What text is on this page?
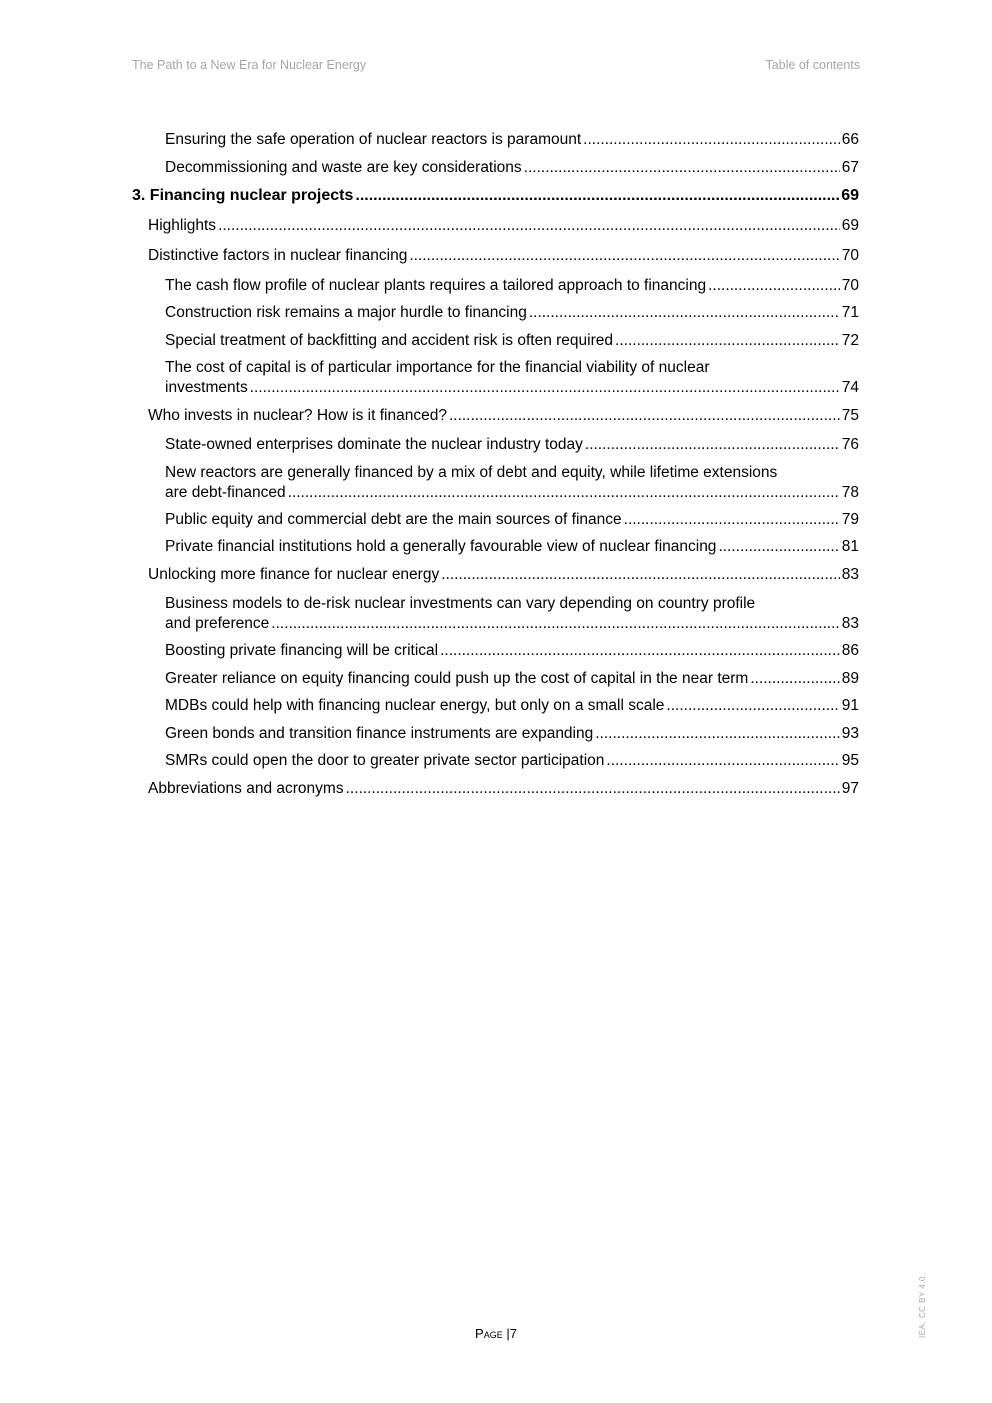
The Path to a New Era for Nuclear Energy	Table of contents
Ensuring the safe operation of nuclear reactors is paramount .....	66
Decommissioning and waste are key considerations .....	67
3. Financing nuclear projects .....	69
Highlights .....	69
Distinctive factors in nuclear financing .....	70
The cash flow profile of nuclear plants requires a tailored approach to financing .....	70
Construction risk remains a major hurdle to financing .....	71
Special treatment of backfitting and accident risk is often required .....	72
The cost of capital is of particular importance for the financial viability of nuclear
investments .....	74
Who invests in nuclear? How is it financed? .....	75
State-owned enterprises dominate the nuclear industry today .....	76
New reactors are generally financed by a mix of debt and equity, while lifetime extensions
are debt-financed .....	78
Public equity and commercial debt are the main sources of finance .....	79
Private financial institutions hold a generally favourable view of nuclear financing .....	81
Unlocking more finance for nuclear energy .....	83
Business models to de-risk nuclear investments can vary depending on country profile
and preference .....	83
Boosting private financing will be critical .....	86
Greater reliance on equity financing could push up the cost of capital in the near term .....	89
MDBs could help with financing nuclear energy, but only on a small scale .....	91
Green bonds and transition finance instruments are expanding .....	93
SMRs could open the door to greater private sector participation .....	95
Abbreviations and acronyms .....	97
Page |7	IEA. CC BY 4.0.
